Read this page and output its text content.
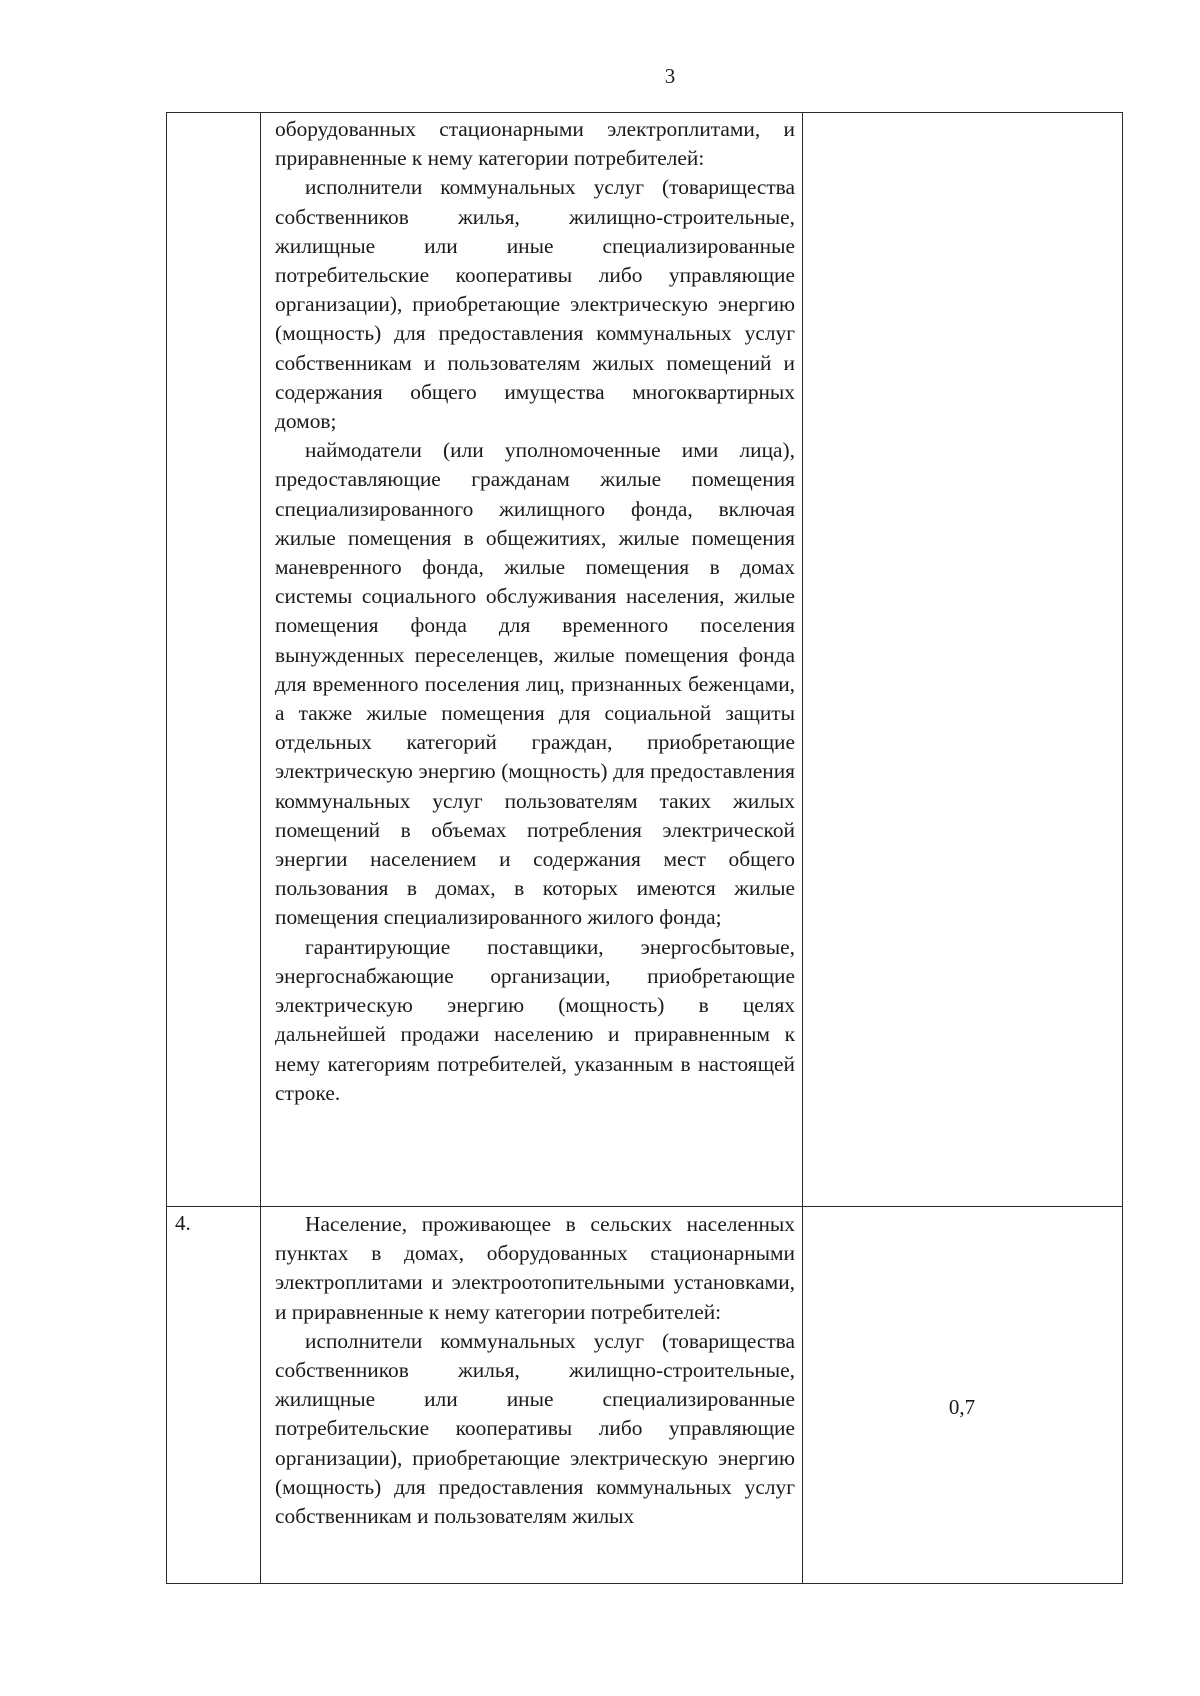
3

оборудованных стационарными электроплитами, и приравненные к нему категории потребителей:

исполнители коммунальных услуг (товарищества собственников жилья, жилищно-строительные, жилищные или иные специализированные потребительские кооперативы либо управляющие организации), приобретающие электрическую энергию (мощность) для предоставления коммунальных услуг собственникам и пользователям жилых помещений и содержания общего имущества многоквартирных домов;

наймодатели (или уполномоченные ими лица), предоставляющие гражданам жилые помещения специализированного жилищного фонда, включая жилые помещения в общежитиях, жилые помещения маневренного фонда, жилые помещения в домах системы социального обслуживания населения, жилые помещения фонда для временного поселения вынужденных переселенцев, жилые помещения фонда для временного поселения лиц, признанных беженцами, а также жилые помещения для социальной защиты отдельных категорий граждан, приобретающие электрическую энергию (мощность) для предоставления коммунальных услуг пользователям таких жилых помещений в объемах потребления электрической энергии населением и содержания мест общего пользования в домах, в которых имеются жилые помещения специализированного жилого фонда;

гарантирующие поставщики, энергосбытовые, энергоснабжающие организации, приобретающие электрическую энергию (мощность) в целях дальнейшей продажи населению и приравненным к нему категориям потребителей, указанным в настоящей строке.

4.	Население, проживающее в сельских населенных пунктах в домах, оборудованных стационарными электроплитами и электроотопительными установками, и приравненные к нему категории потребителей:

исполнители коммунальных услуг (товарищества собственников жилья, жилищно-строительные, жилищные или иные специализированные потребительские кооперативы либо управляющие организации), приобретающие электрическую энергию (мощность) для предоставления коммунальных услуг собственникам и пользователям жилых

0,7
